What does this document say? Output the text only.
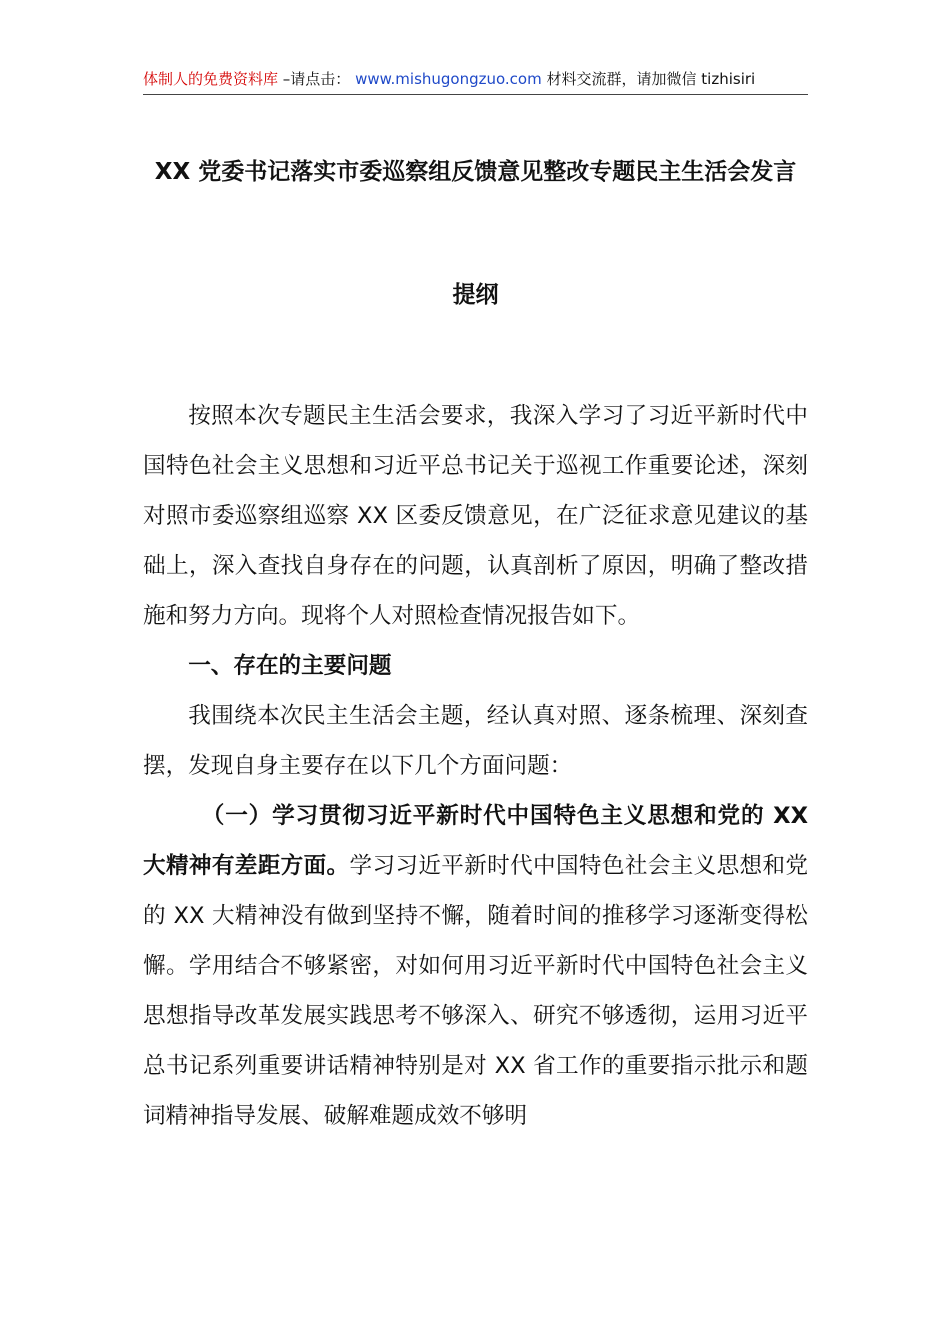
体制人的免费资料库 –请点击： www.mishugongzuo.com 材料交流群，请加微信 tizhisiri
XX 党委书记落实市委巡察组反馈意见整改专题民主生活会发言
提纲

按照本次专题民主生活会要求，我深入学习了习近平新时代中国特色社会主义思想和习近平总书记关于巡视工作重要论述，深刻对照市委巡察组巡察 XX 区委反馈意见，在广泛征求意见建议的基础上，深入查找自身存在的问题，认真剖析了原因，明确了整改措施和努力方向。现将个人对照检查情况报告如下。

一、存在的主要问题

我围绕本次民主生活会主题，经认真对照、逐条梳理、深刻查摆，发现自身主要存在以下几个方面问题：

（一）学习贯彻习近平新时代中国特色主义思想和党的 XX 大精神有差距方面。学习习近平新时代中国特色社会主义思想和党的 XX 大精神没有做到坚持不懈，随着时间的推移学习逐渐变得松懈。学用结合不够紧密，对如何用习近平新时代中国特色社会主义思想指导改革发展实践思考不够深入、研究不够透彻，运用习近平总书记系列重要讲话精神特别是对 XX 省工作的重要指示批示和题词精神指导发展、破解难题成效不够明
